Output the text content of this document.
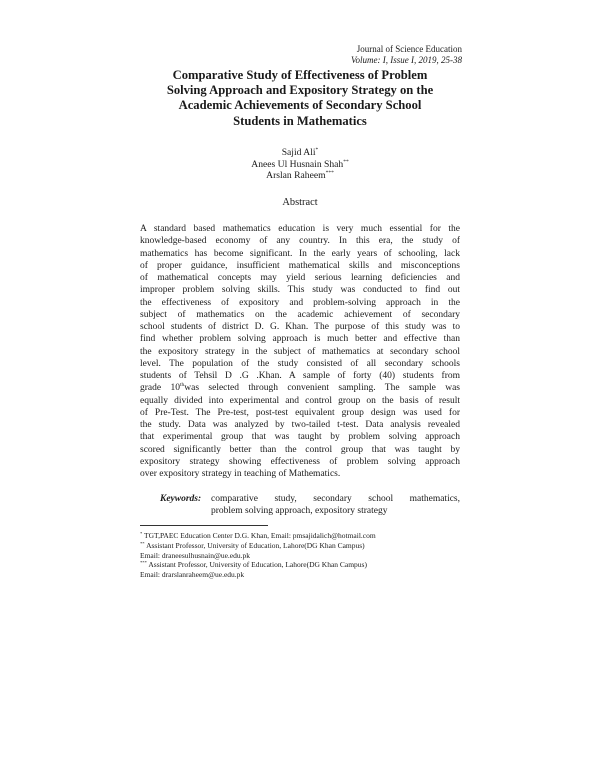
Journal of Science Education
Volume: I, Issue I, 2019, 25-38
Comparative Study of Effectiveness of Problem
Solving Approach and Expository Strategy on the
Academic Achievements of Secondary School
Students in Mathematics
Sajid Ali*
Anees Ul Husnain Shah**
Arslan Raheem***
Abstract
A standard based mathematics education is very much essential for the
knowledge-based economy of any country. In this era, the study of
mathematics has become significant. In the early years of schooling, lack
of proper guidance, insufficient mathematical skills and misconceptions
of mathematical concepts may yield serious learning deficiencies and
improper problem solving skills. This study was conducted to find out
the effectiveness of expository and problem-solving approach in the
subject of mathematics on the academic achievement of secondary
school students of district D. G. Khan. The purpose of this study was to
find whether problem solving approach is much better and effective than
the expository strategy in the subject of mathematics at secondary school
level. The population of the study consisted of all secondary schools
students of Tehsil D .G .Khan. A sample of forty (40) students from
grade 10thwas selected through convenient sampling. The sample was
equally divided into experimental and control group on the basis of result
of Pre-Test. The Pre-test, post-test equivalent group design was used for
the study. Data was analyzed by two-tailed t-test. Data analysis revealed
that experimental group that was taught by problem solving approach
scored significantly better than the control group that was taught by
expository strategy showing effectiveness of problem solving approach
over expository strategy in teaching of Mathematics.
Keywords: comparative study, secondary school mathematics,
problem solving approach, expository strategy
* TGT,PAEC Education Center D.G. Khan, Email: pmsajidalich@hotmail.com
** Assistant Professor, University of Education, Lahore(DG Khan Campus)
Email: draneesulhusnain@ue.edu.pk
*** Assistant Professor, University of Education, Lahore(DG Khan Campus)
Email: drarslanraheem@ue.edu.pk
